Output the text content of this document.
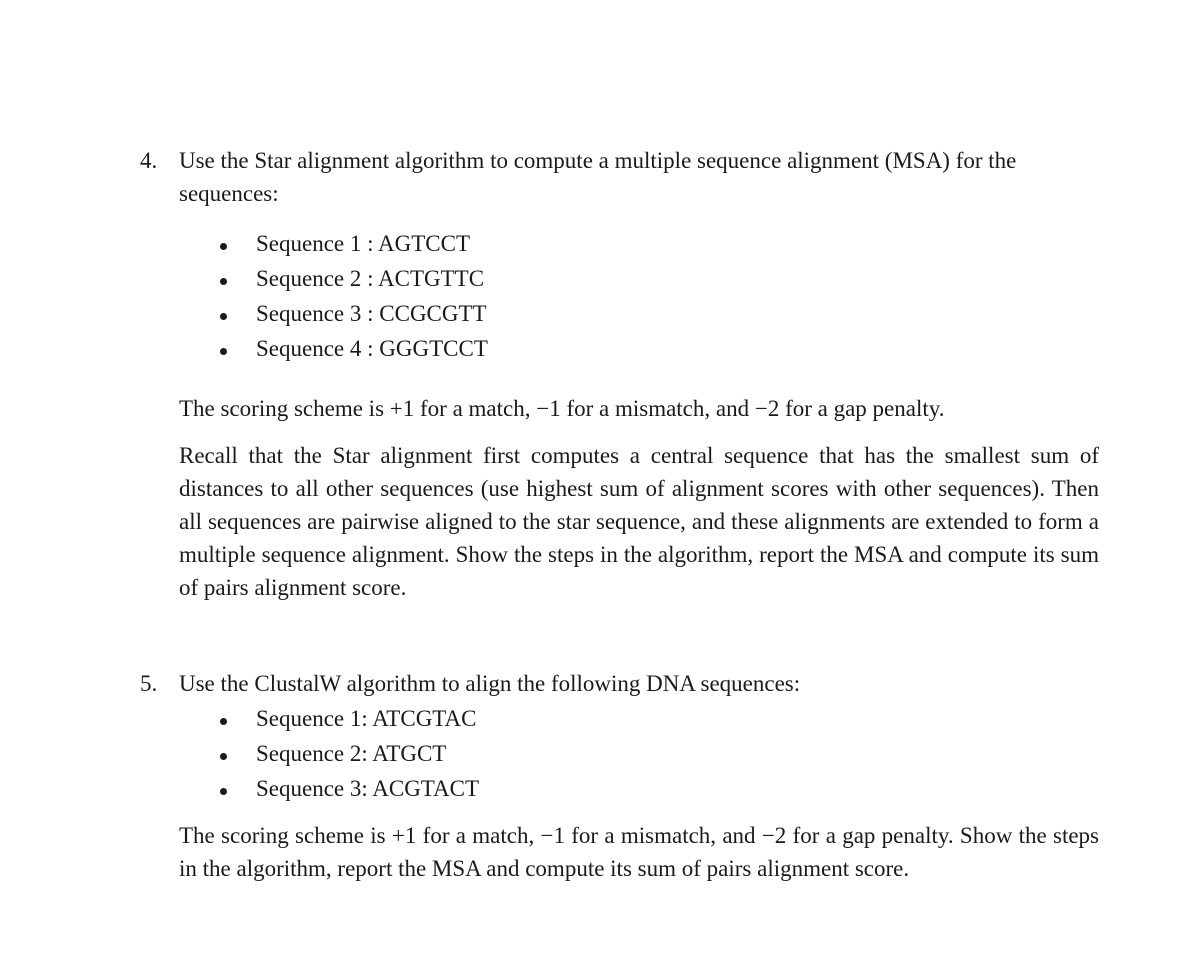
4. Use the Star alignment algorithm to compute a multiple sequence alignment (MSA) for the sequences:
Sequence 1 : AGTCCT
Sequence 2 : ACTGTTC
Sequence 3 : CCGCGTT
Sequence 4 : GGGTCCT

The scoring scheme is +1 for a match, −1 for a mismatch, and −2 for a gap penalty.

Recall that the Star alignment first computes a central sequence that has the smallest sum of distances to all other sequences (use highest sum of alignment scores with other sequences). Then all sequences are pairwise aligned to the star sequence, and these alignments are extended to form a multiple sequence alignment. Show the steps in the algorithm, report the MSA and compute its sum of pairs alignment score.

5. Use the ClustalW algorithm to align the following DNA sequences:
Sequence 1: ATCGTAC
Sequence 2: ATGCT
Sequence 3: ACGTACT

The scoring scheme is +1 for a match, −1 for a mismatch, and −2 for a gap penalty. Show the steps in the algorithm, report the MSA and compute its sum of pairs alignment score.
